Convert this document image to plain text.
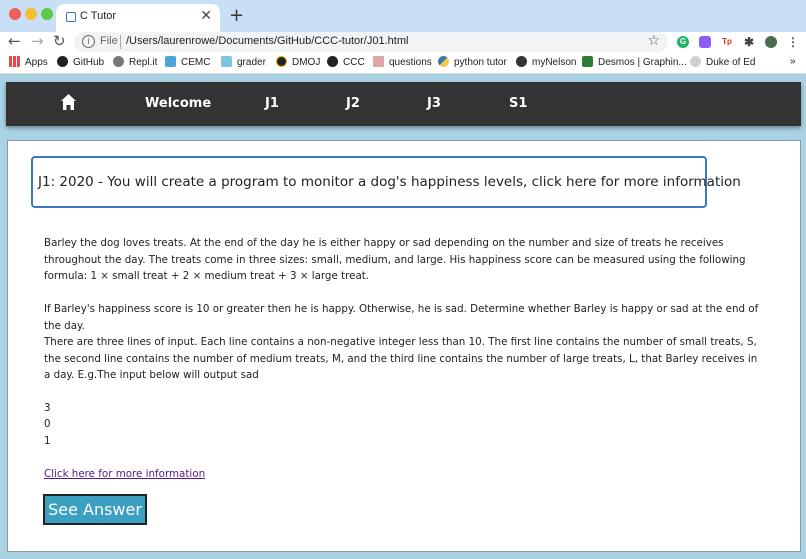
C Tutor	✕ +
← → ↻	i File /Users/laurenrowe/Documents/GitHub/CCC-tutor/J01.html	☆	G	Tp ✱	⋮
Apps	GitHub	Repl.it	CEMC	grader	DMOJ	CCC	questions	python tutor	myNelson	Desmos | Graphin...	Duke of Ed	»
Welcome	J1	J2	J3	S1
J1: 2020 - You will create a program to monitor a dog's happiness levels, click here for more information
Barley the dog loves treats. At the end of the day he is either happy or sad depending on the number and size of treats he receives throughout the day. The treats come in three sizes: small, medium, and large. His happiness score can be measured using the following formula: 1 × small treat + 2 × medium treat + 3 × large treat.
If Barley's happiness score is 10 or greater then he is happy. Otherwise, he is sad. Determine whether Barley is happy or sad at the end of the day.
There are three lines of input. Each line contains a non-negative integer less than 10. The first line contains the number of small treats, S, the second line contains the number of medium treats, M, and the third line contains the number of large treats, L, that Barley receives in a day. E.g.The input below will output sad
3
0
1
Click here for more information
See Answer
